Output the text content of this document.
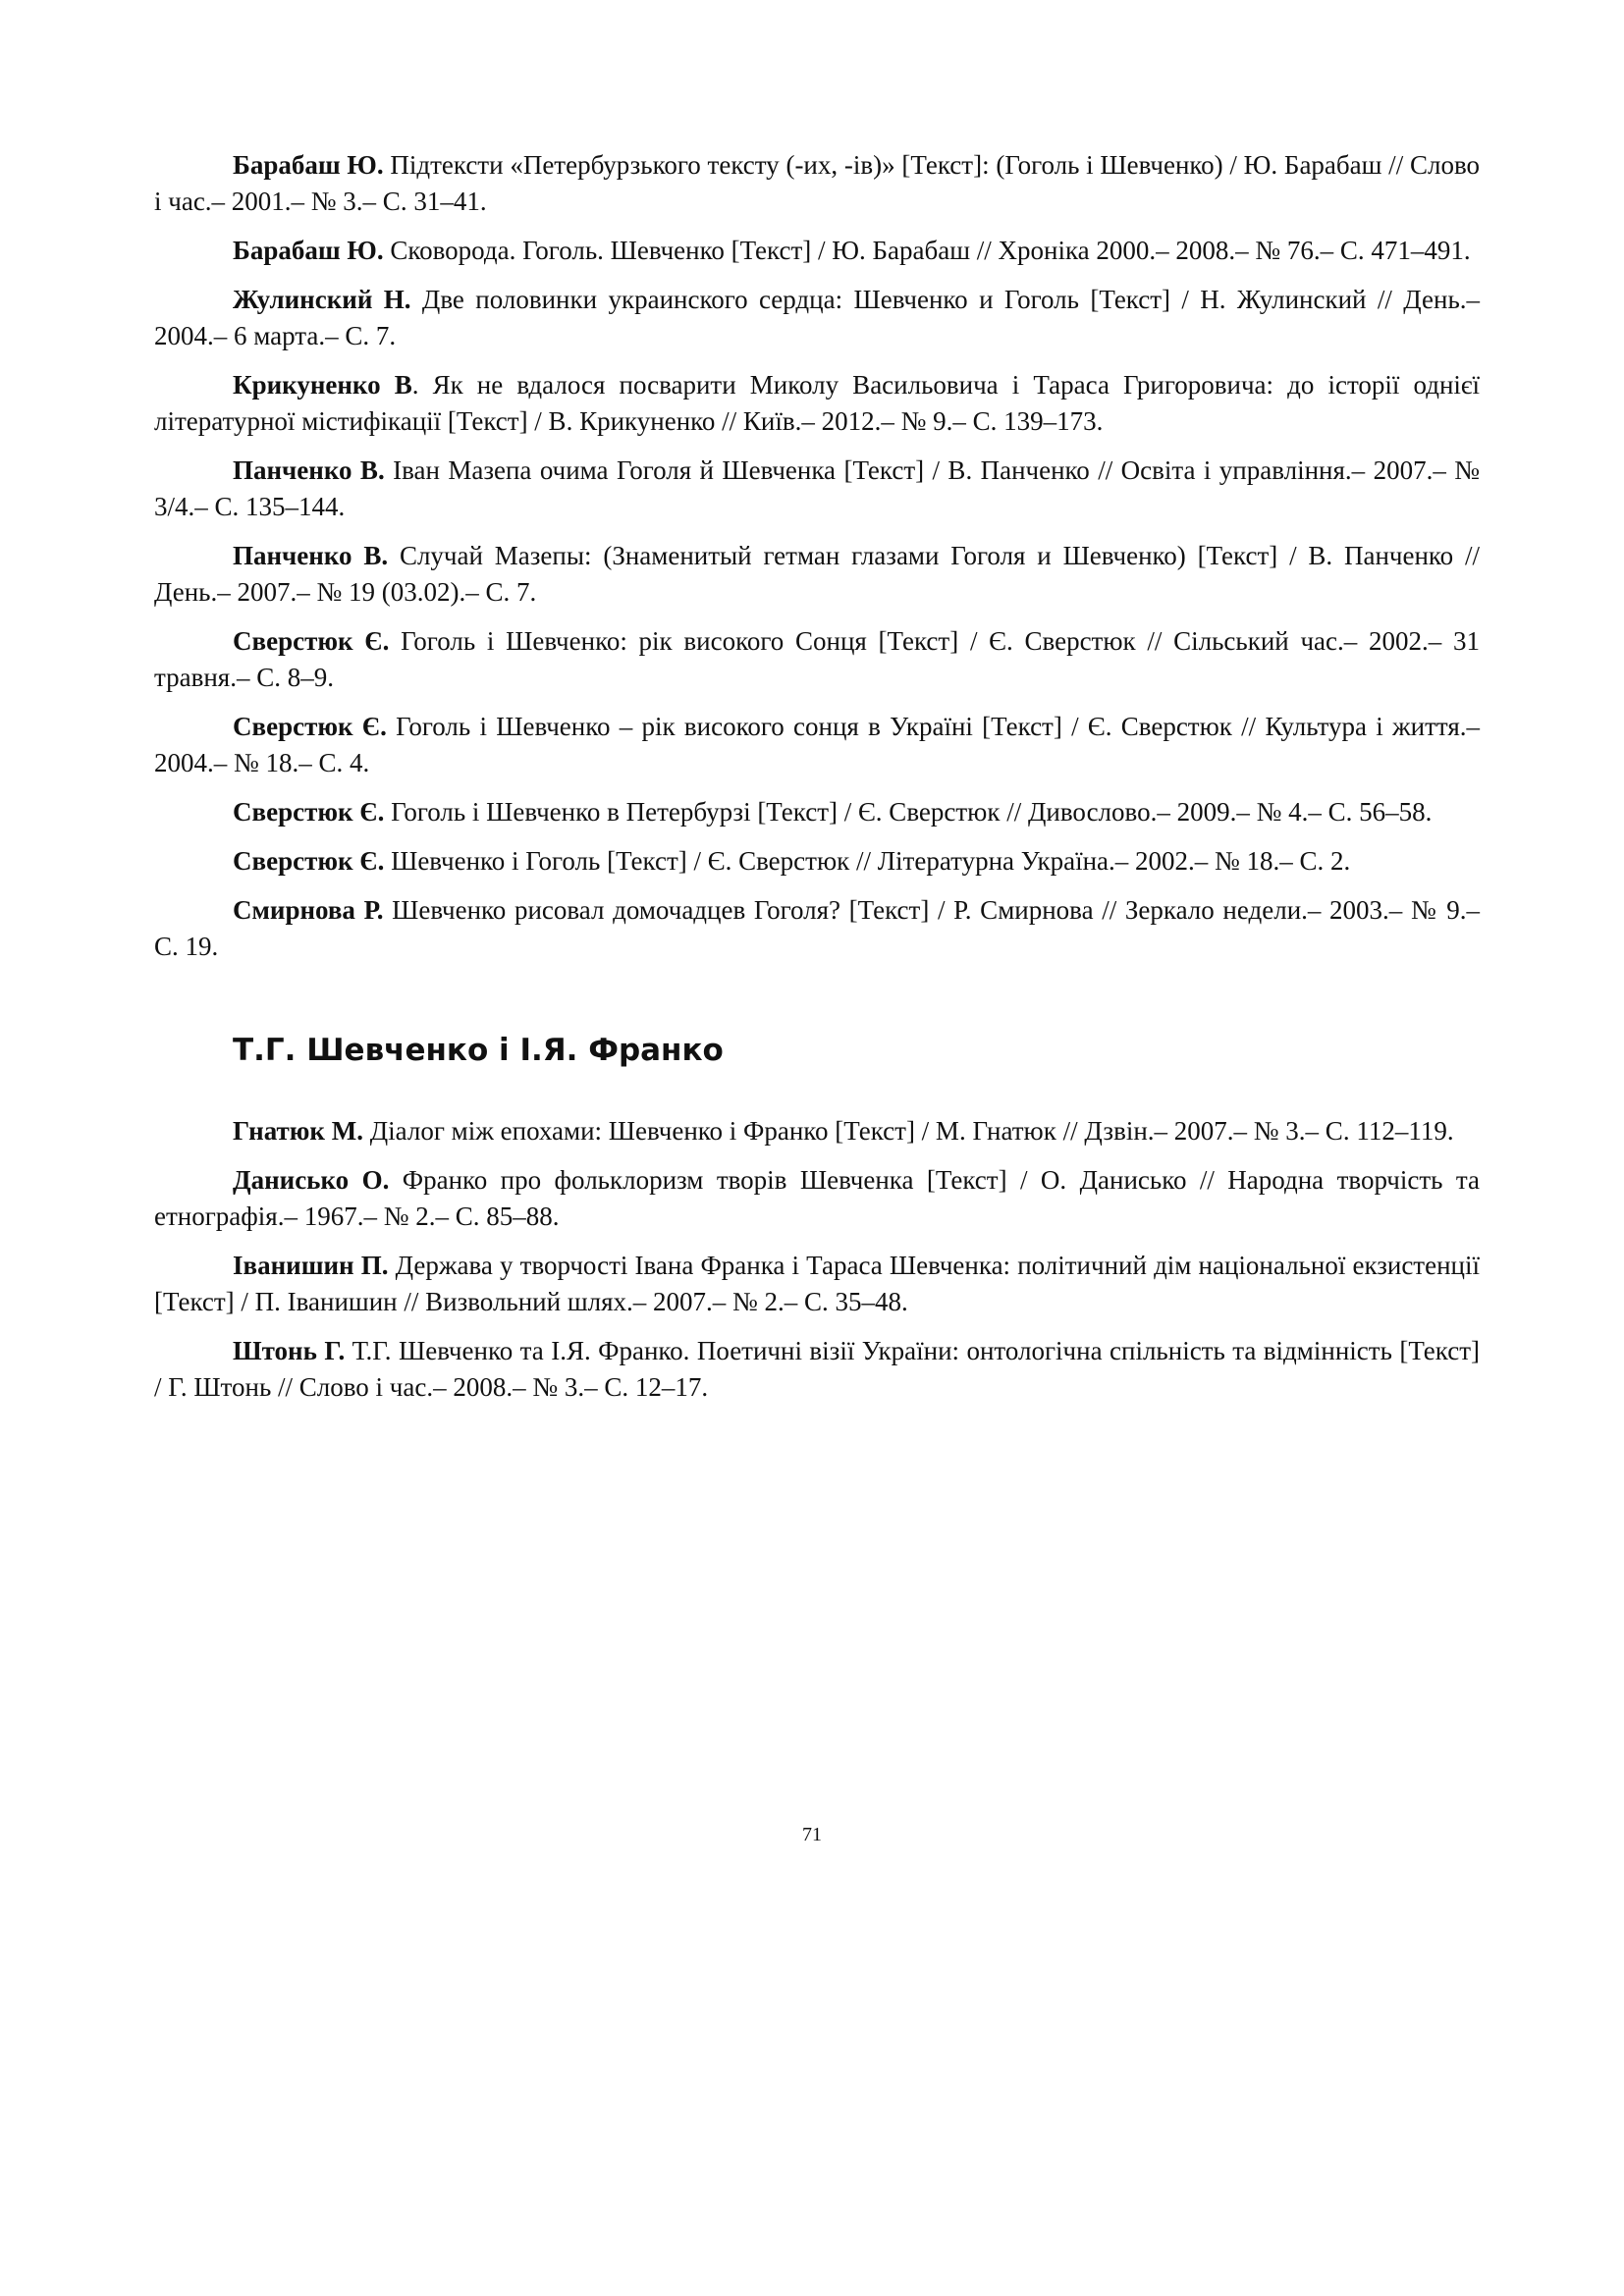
Барабаш Ю. Підтексти «Петербурзького тексту (-их, -ів)» [Текст]: (Гоголь і Шевченко) / Ю. Барабаш // Слово і час.– 2001.– № 3.– С. 31–41.

Барабаш Ю. Сковорода. Гоголь. Шевченко [Текст] / Ю. Барабаш // Хроніка 2000.– 2008.– № 76.– С. 471–491.

Жулинский Н. Две половинки украинского сердца: Шевченко и Гоголь [Текст] / Н. Жулинский // День.– 2004.– 6 марта.– С. 7.

Крикуненко В. Як не вдалося посварити Миколу Васильовича і Тараса Григоровича: до історії однієї літературної містифікації [Текст] / В. Крикуненко // Київ.– 2012.– № 9.– С. 139–173.

Панченко В. Іван Мазепа очима Гоголя й Шевченка [Текст] / В. Панченко // Освіта і управління.– 2007.– № 3/4.– С. 135–144.

Панченко В. Случай Мазепы: (Знаменитый гетман глазами Гоголя и Шевченко) [Текст] / В. Панченко // День.– 2007.– № 19 (03.02).– С. 7.

Сверстюк Є. Гоголь і Шевченко: рік високого Сонця [Текст] / Є. Сверстюк // Сільський час.– 2002.– 31 травня.– С. 8–9.

Сверстюк Є. Гоголь і Шевченко – рік високого сонця в Україні [Текст] / Є. Сверстюк // Культура і життя.– 2004.– № 18.– С. 4.

Сверстюк Є. Гоголь і Шевченко в Петербурзі [Текст] / Є. Сверстюк // Дивослово.– 2009.– № 4.– С. 56–58.

Сверстюк Є. Шевченко і Гоголь [Текст] / Є. Сверстюк // Літературна Україна.– 2002.– № 18.– С. 2.

Смирнова Р. Шевченко рисовал домочадцев Гоголя? [Текст] / Р. Смирнова // Зеркало недели.– 2003.– № 9.– С. 19.

Т.Г. Шевченко і І.Я. Франко

Гнатюк М. Діалог між епохами: Шевченко і Франко [Текст] / М. Гнатюк // Дзвін.– 2007.– № 3.– С. 112–119.

Данисько О. Франко про фольклоризм творів Шевченка [Текст] / О. Данисько // Народна творчість та етнографія.– 1967.– № 2.– С. 85–88.

Іванишин П. Держава у творчості Івана Франка і Тараса Шевченка: політичний дім національної екзистенції [Текст] / П. Іванишин // Визвольний шлях.– 2007.– № 2.– С. 35–48.

Штонь Г. Т.Г. Шевченко та І.Я. Франко. Поетичні візії України: онтологічна спільність та відмінність [Текст] / Г. Штонь // Слово і час.– 2008.– № 3.– С. 12–17.

71
